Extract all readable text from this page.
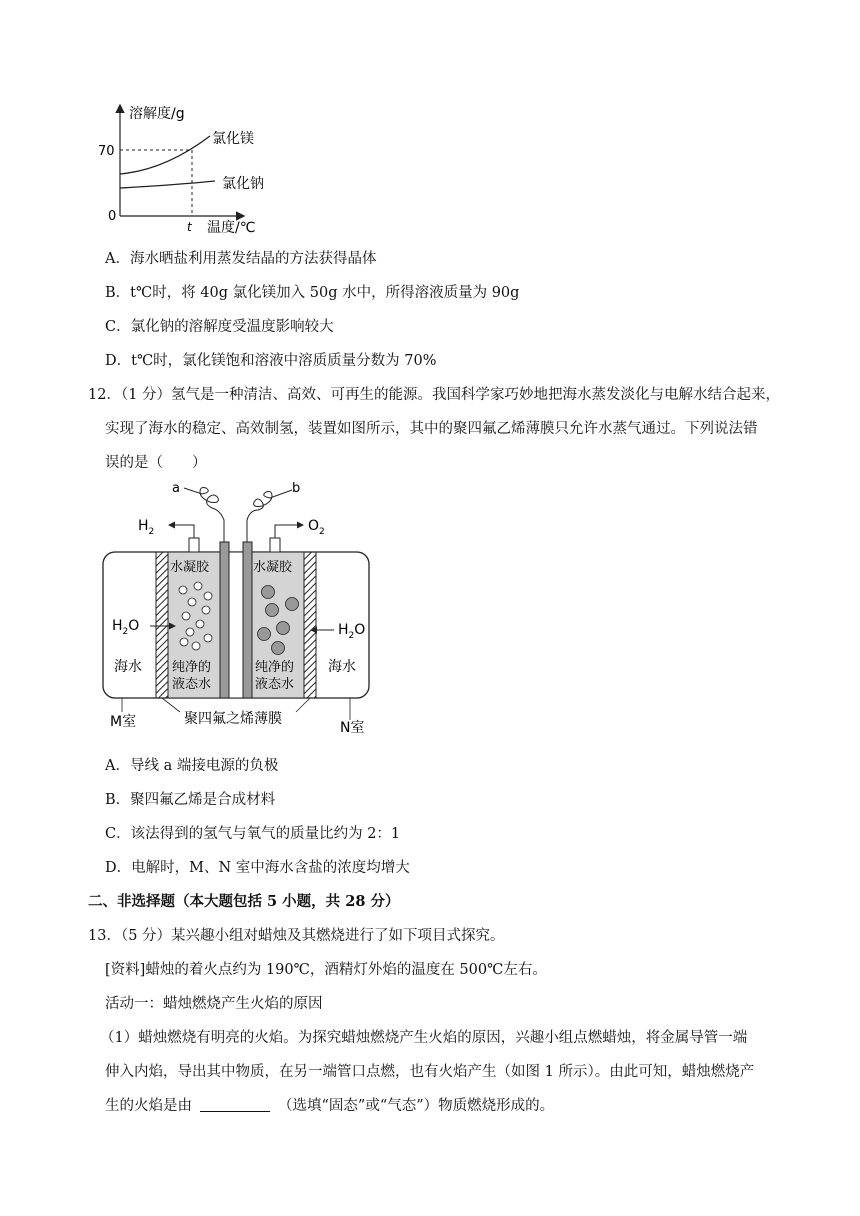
溶解度/g
温度/℃
70
0
t
氯化镁
氯化钠
A．海水晒盐利用蒸发结晶的方法获得晶体
B．t℃时，将 40g 氯化镁加入 50g 水中，所得溶液质量为 90g
C．氯化钠的溶解度受温度影响较大
D．t℃时，氯化镁饱和溶液中溶质质量分数为 70%
12．（1 分）氢气是一种清洁、高效、可再生的能源。我国科学家巧妙地把海水蒸发淡化与电解水结合起来，
实现了海水的稳定、高效制氢，装置如图所示，其中的聚四氟乙烯薄膜只允许水蒸气通过。下列说法错
误的是（　　）
a	b
$H_2$	$O_2$
水凝胶	水凝胶
纯净的
液态水
纯净的
液态水
$H_2O$	$H_2O$
海水	海水
M室	N室
聚四氟之烯薄膜
A．导线 a 端接电源的负极
B．聚四氟乙烯是合成材料
C．该法得到的氢气与氧气的质量比约为 2：1
D．电解时，M、N 室中海水含盐的浓度均增大
二、非选择题（本大题包括 5 小题，共 28 分）
13．（5 分）某兴趣小组对蜡烛及其燃烧进行了如下项目式探究。
[资料]蜡烛的着火点约为 190℃，酒精灯外焰的温度在 500℃左右。
活动一：蜡烛燃烧产生火焰的原因
（1）蜡烛燃烧有明亮的火焰。为探究蜡烛燃烧产生火焰的原因，兴趣小组点燃蜡烛，将金属导管一端
伸入内焰，导出其中物质，在另一端管口点燃，也有火焰产生（如图 1 所示）。由此可知，蜡烛燃烧产
生的火焰是由	（选填“固态”或“气态”）物质燃烧形成的。
